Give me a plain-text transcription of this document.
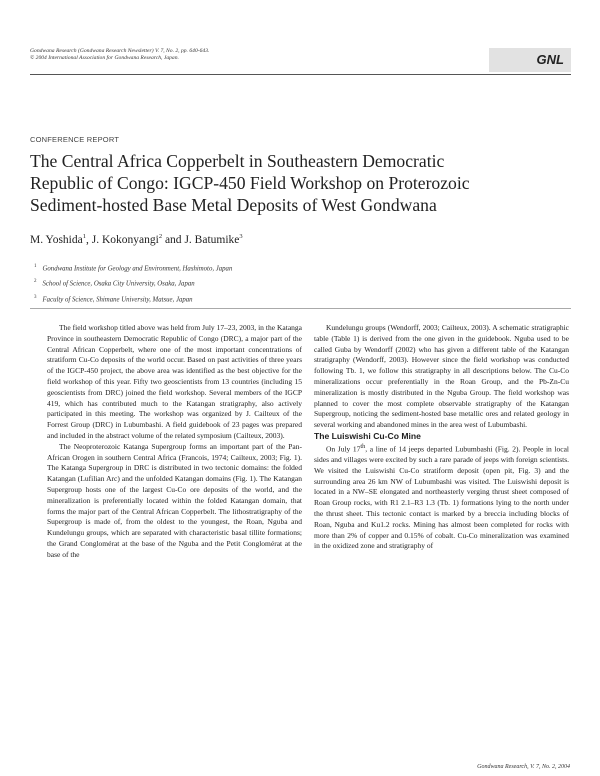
Gondwana Research (Gondwana Research Newsletter) V. 7, No. 2, pp. 640-643.
© 2004 International Association for Gondwana Research, Japan.	GNL
CONFERENCE REPORT
The Central Africa Copperbelt in Southeastern Democratic
Republic of Congo: IGCP-450 Field Workshop on Proterozoic
Sediment-hosted Base Metal Deposits of West Gondwana
M. Yoshida$^1$, J. Kokonyangi$^2$ and J. Batumike$^3$
$^1$ Gondwana Institute for Geology and Environment, Hashimoto, Japan
$^2$ School of Science, Osaka City University, Osaka, Japan
$^3$ Faculty of Science, Shimane University, Matsue, Japan

The field workshop titled above was held from July 17–23, 2003, in the Katanga Province in southeastern Democratic Republic of Congo (DRC), a major part of the Central African Copperbelt, where one of the most important concentrations of stratiform Cu-Co deposits of the world occur. Based on past activities of three years of the IGCP-450 project, the above area was identified as the best objective for the field workshop of this year. Fifty two geoscientists from 13 countries (including 15 geoscientists from DRC) joined the field workshop. Several members of the IGCP 419, which has contributed much to the Katangan stratigraphy, also actively participated in this meeting. The workshop was organized by J. Cailteux of the Forrest Group (DRC) in Lubumbashi. A field guidebook of 23 pages was prepared and included in the abstract volume of the related symposium (Cailteux, 2003).

The Neoproterozoic Katanga Supergroup forms an important part of the Pan-African Orogen in southern Central Africa (Francois, 1974; Cailteux, 2003; Fig. 1). The Katanga Supergroup in DRC is distributed in two tectonic domains: the folded Katangan (Lufilian Arc) and the unfolded Katangan domains (Fig. 1). The Katangan Supergroup hosts one of the largest Cu-Co ore deposits of the world, and the mineralization is preferentially located within the folded Katangan domain, that forms the major part of the Central African Copperbelt. The lithostratigraphy of the Supergroup is made of, from the oldest to the youngest, the Roan, Nguba and Kundelungu groups, which are separated with characteristic basal tillite formations; the Grand Conglomérat at the base of the Nguba and the Petit Conglomérat at the base of the

Kundelungu groups (Wendorff, 2003; Cailteux, 2003). A schematic stratigraphic table (Table 1) is derived from the one given in the guidebook. Nguba used to be called Guba by Wendorff (2002) who has given a different table of the Katangan stratigraphy (Wendorff, 2003). However since the field workshop was conducted following Tb. 1, we follow this stratigraphy in all descriptions below. The Cu-Co mineralizations occur preferentially in the Roan Group, and the Pb-Zn-Cu mineralization is mostly distributed in the Nguba Group. The field workshop was planned to cover the most complete observable stratigraphy of the Katangan Supergroup, noticing the sediment-hosted base metallic ores and related geology in several working and abandoned mines in the area west of Lubumbashi.

The Luiswishi Cu-Co Mine

On July 17th, a line of 14 jeeps departed Lubumbashi (Fig. 2). People in local sides and villages were excited by such a rare parade of jeeps with foreign scientists. We visited the Luiswishi Cu-Co stratiform deposit (open pit, Fig. 3) and the surrounding area 26 km NW of Lubumbashi was visited. The Luiswishi deposit is located in a NW–SE elongated and northeasterly verging thrust sheet composed of Roan Group rocks, with R1 2.1–R3 1.3 (Tb. 1) formations lying to the north under the thrust sheet. This tectonic contact is marked by a breccia including blocks of Roan, Nguba and Ku1.2 rocks. Mining has almost been completed for rocks with more than 2% of copper and 0.15% of cobalt. Cu-Co mineralization was examined in the oxidized zone and stratigraphy of

Gondwana Research, V. 7, No. 2, 2004
